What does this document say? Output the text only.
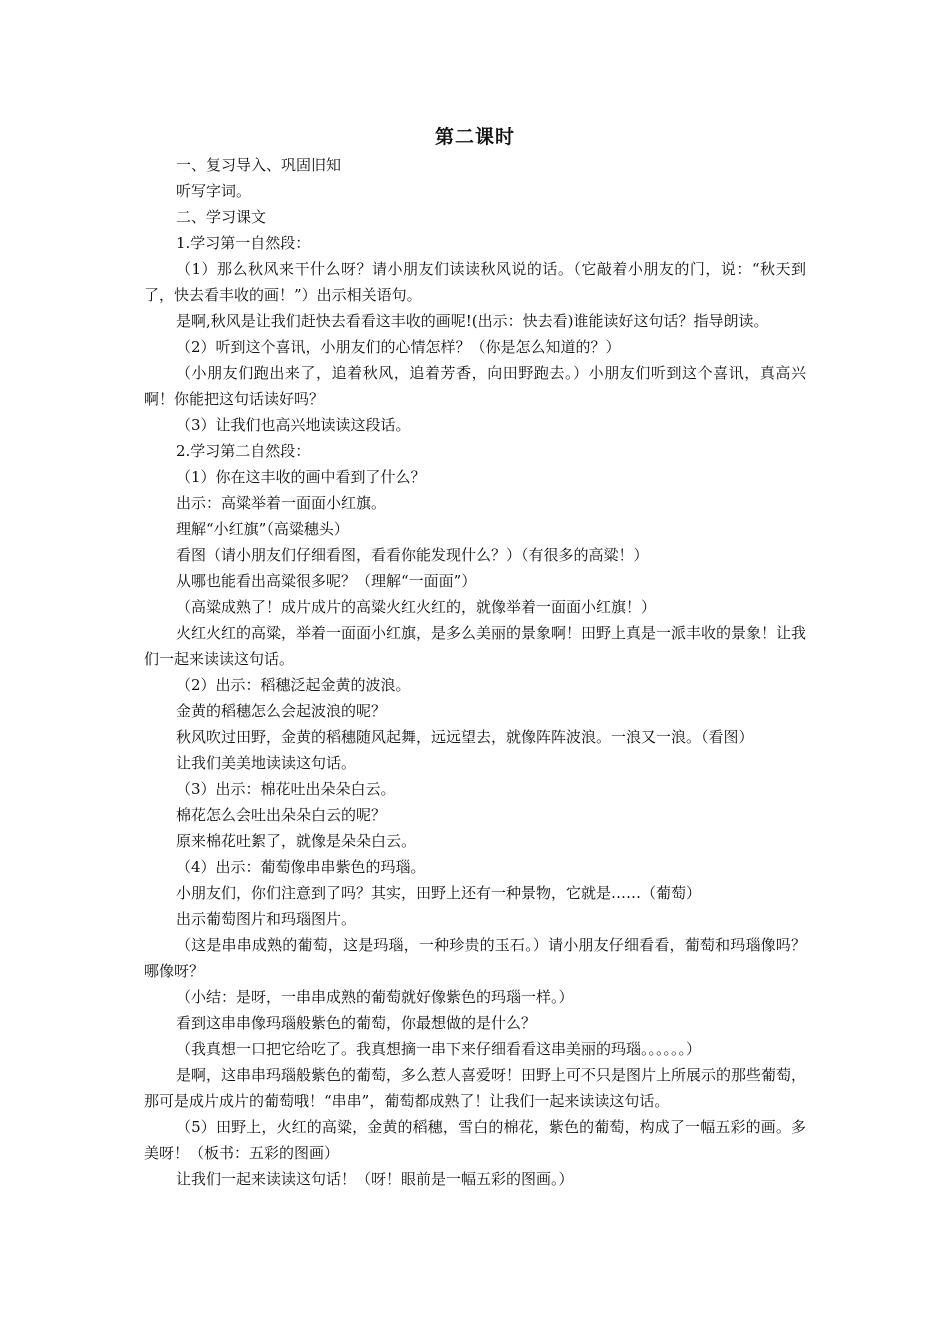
第二课时

一、复习导入、巩固旧知

听写字词。

二、学习课文

1.学习第一自然段：

（1）那么秋风来干什么呀？请小朋友们读读秋风说的话。（它敲着小朋友的门，说：“秋天到了，快去看丰收的画！”）出示相关语句。

是啊,秋风是让我们赶快去看看这丰收的画呢!(出示：快去看)谁能读好这句话？指导朗读。

（2）听到这个喜讯，小朋友们的心情怎样？（你是怎么知道的？）

（小朋友们跑出来了，追着秋风，追着芳香，向田野跑去。）小朋友们听到这个喜讯，真高兴啊！你能把这句话读好吗？

（3）让我们也高兴地读读这段话。

2.学习第二自然段：

（1）你在这丰收的画中看到了什么？

出示：高粱举着一面面小红旗。

理解“小红旗”（高粱穗头）

看图（请小朋友们仔细看图，看看你能发现什么？）（有很多的高粱！）

从哪也能看出高粱很多呢？（理解“一面面”）

（高粱成熟了！成片成片的高粱火红火红的，就像举着一面面小红旗！）

火红火红的高粱，举着一面面小红旗，是多么美丽的景象啊！田野上真是一派丰收的景象！让我们一起来读读这句话。

（2）出示：稻穗泛起金黄的波浪。

金黄的稻穗怎么会起波浪的呢？

秋风吹过田野，金黄的稻穗随风起舞，远远望去，就像阵阵波浪。一浪又一浪。（看图）

让我们美美地读读这句话。

（3）出示：棉花吐出朵朵白云。

棉花怎么会吐出朵朵白云的呢？

原来棉花吐絮了，就像是朵朵白云。

（4）出示：葡萄像串串紫色的玛瑙。

小朋友们，你们注意到了吗？其实，田野上还有一种景物，它就是……（葡萄）

出示葡萄图片和玛瑙图片。

（这是串串成熟的葡萄，这是玛瑙，一种珍贵的玉石。）请小朋友仔细看看，葡萄和玛瑙像吗？哪像呀？

（小结：是呀，一串串成熟的葡萄就好像紫色的玛瑙一样。）

看到这串串像玛瑙般紫色的葡萄，你最想做的是什么？

（我真想一口把它给吃了。我真想摘一串下来仔细看看这串美丽的玛瑙。。。。。。）

是啊，这串串玛瑙般紫色的葡萄，多么惹人喜爱呀！田野上可不只是图片上所展示的那些葡萄，那可是成片成片的葡萄哦！“串串”，葡萄都成熟了！让我们一起来读读这句话。

（5）田野上，火红的高粱，金黄的稻穗，雪白的棉花，紫色的葡萄，构成了一幅五彩的画。多美呀！（板书：五彩的图画）

让我们一起来读读这句话！（呀！眼前是一幅五彩的图画。）
